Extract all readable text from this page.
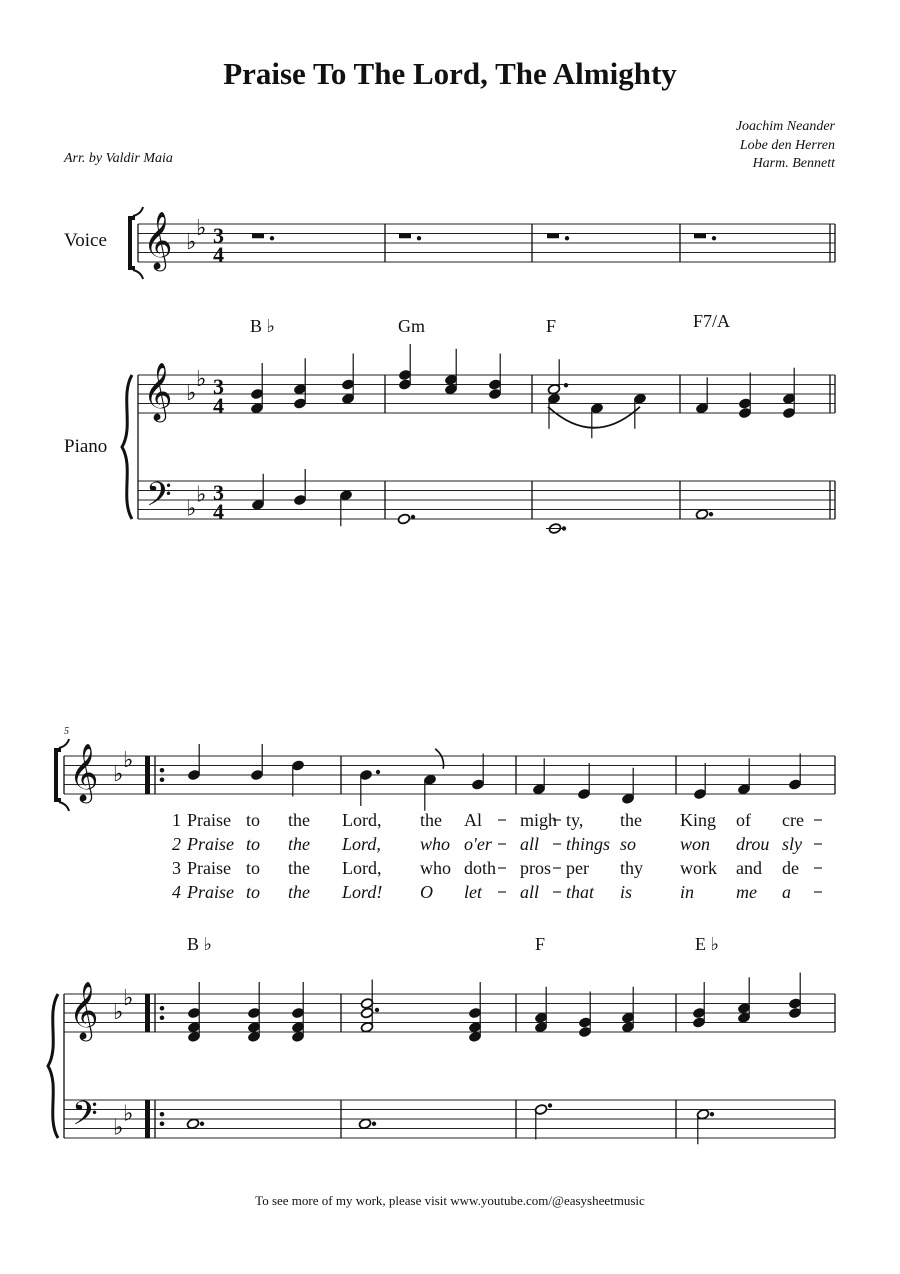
Praise To The Lord, The Almighty
Joachim Neander
Lobe den Herren
Harm. Bennett
Arr. by Valdir Maia
Voice
Piano
To see more of my work, please visit www.youtube.com/@easysheetmusic
𝄞
𝄞
𝄢
♭
♭
♭
♭
♭
♭
3
4
3
4
3
4
B ♭	Gm	F	F7/A
5
𝄞
𝄞
𝄢
♭
♭
♭
♭
♭
♭
1 Praise to the Lord, the Al migh ty, the King of cre
2 Praise to the Lord, who o'er all things so won drou sly
3 Praise to the Lord, who doth pros per thy work and de
4 Praise to the Lord! O let all that is	in me a
B ♭	F	E ♭
